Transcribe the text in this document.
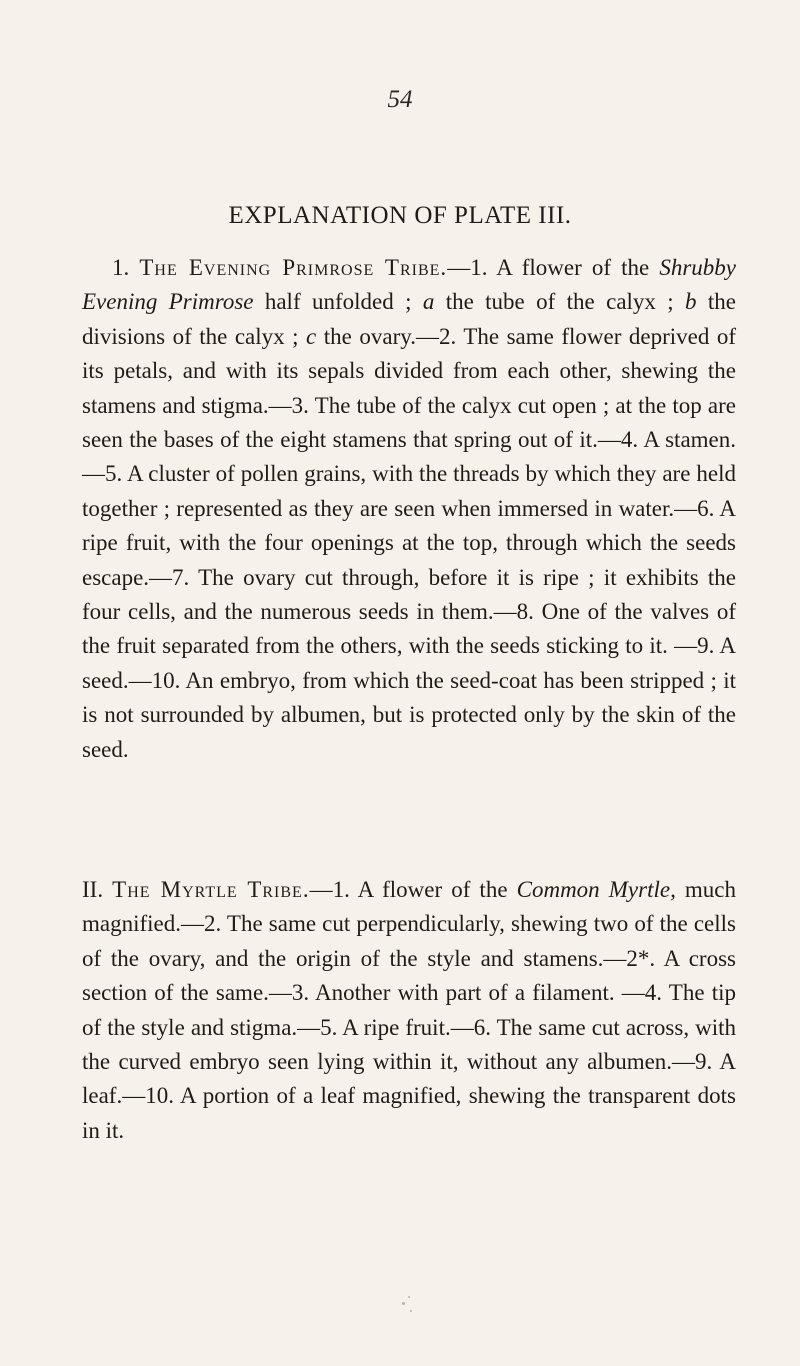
54
EXPLANATION OF PLATE III.

1. The Evening Primrose Tribe.—1. A flower of the Shrubby Evening Primrose half unfolded ; a the tube of the calyx ; b the divisions of the calyx ; c the ovary.—2. The same flower deprived of its petals, and with its sepals divided from each other, shewing the stamens and stigma.—3. The tube of the calyx cut open ; at the top are seen the bases of the eight stamens that spring out of it.—4. A stamen.—5. A cluster of pollen grains, with the threads by which they are held together ; represented as they are seen when immersed in water.—6. A ripe fruit, with the four openings at the top, through which the seeds escape.—7. The ovary cut through, before it is ripe ; it exhibits the four cells, and the numerous seeds in them.—8. One of the valves of the fruit separated from the others, with the seeds sticking to it. —9. A seed.—10. An embryo, from which the seed-coat has been stripped ; it is not surrounded by albumen, but is protected only by the skin of the seed.

II. The Myrtle Tribe.—1. A flower of the Common Myrtle, much magnified.—2. The same cut perpendicularly, shewing two of the cells of the ovary, and the origin of the style and stamens.—2*. A cross section of the same.—3. Another with part of a filament. —4. The tip of the style and stigma.—5. A ripe fruit.—6. The same cut across, with the curved embryo seen lying within it, without any albumen.—9. A leaf.—10. A portion of a leaf magnified, shewing the transparent dots in it.
